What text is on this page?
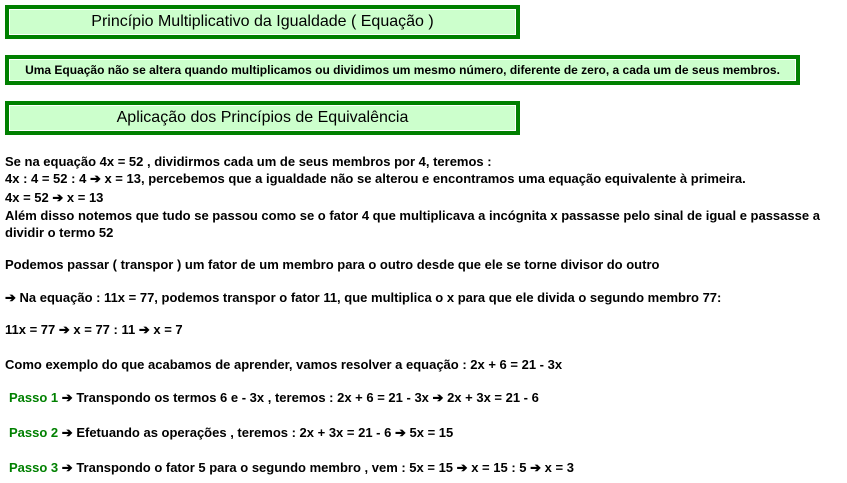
Princípio Multiplicativo da Igualdade ( Equação )
Uma Equação não se altera quando multiplicamos ou dividimos um mesmo número, diferente de zero, a cada um de seus membros.
Aplicação dos Princípios de Equivalência
Se na equação 4x = 52 , dividirmos cada um de seus membros por 4, teremos :
4x : 4 = 52 : 4 ➔ x = 13, percebemos que a igualdade não se alterou e encontramos uma equação equivalente à primeira.
4x = 52 ➔ x = 13
Além disso notemos que tudo se passou como se o fator 4 que multiplicava a incógnita x passasse pelo sinal de igual e passasse a
dividir o termo 52
Podemos passar ( transpor ) um fator de um membro para o outro desde que ele se torne divisor do outro
➔ Na equação : 11x = 77, podemos transpor o fator 11, que multiplica o x para que ele divida o segundo membro 77:
11x = 77 ➔ x = 77 : 11 ➔ x = 7
Como exemplo do que acabamos de aprender, vamos resolver a equação : 2x + 6 = 21 - 3x
Passo 1 ➔ Transpondo os termos 6 e - 3x , teremos : 2x + 6 = 21 - 3x ➔ 2x + 3x = 21 - 6
Passo 2 ➔ Efetuando as operações , teremos : 2x + 3x = 21 - 6 ➔ 5x = 15
Passo 3 ➔ Transpondo o fator 5 para o segundo membro , vem : 5x = 15 ➔ x = 15 : 5 ➔ x = 3
